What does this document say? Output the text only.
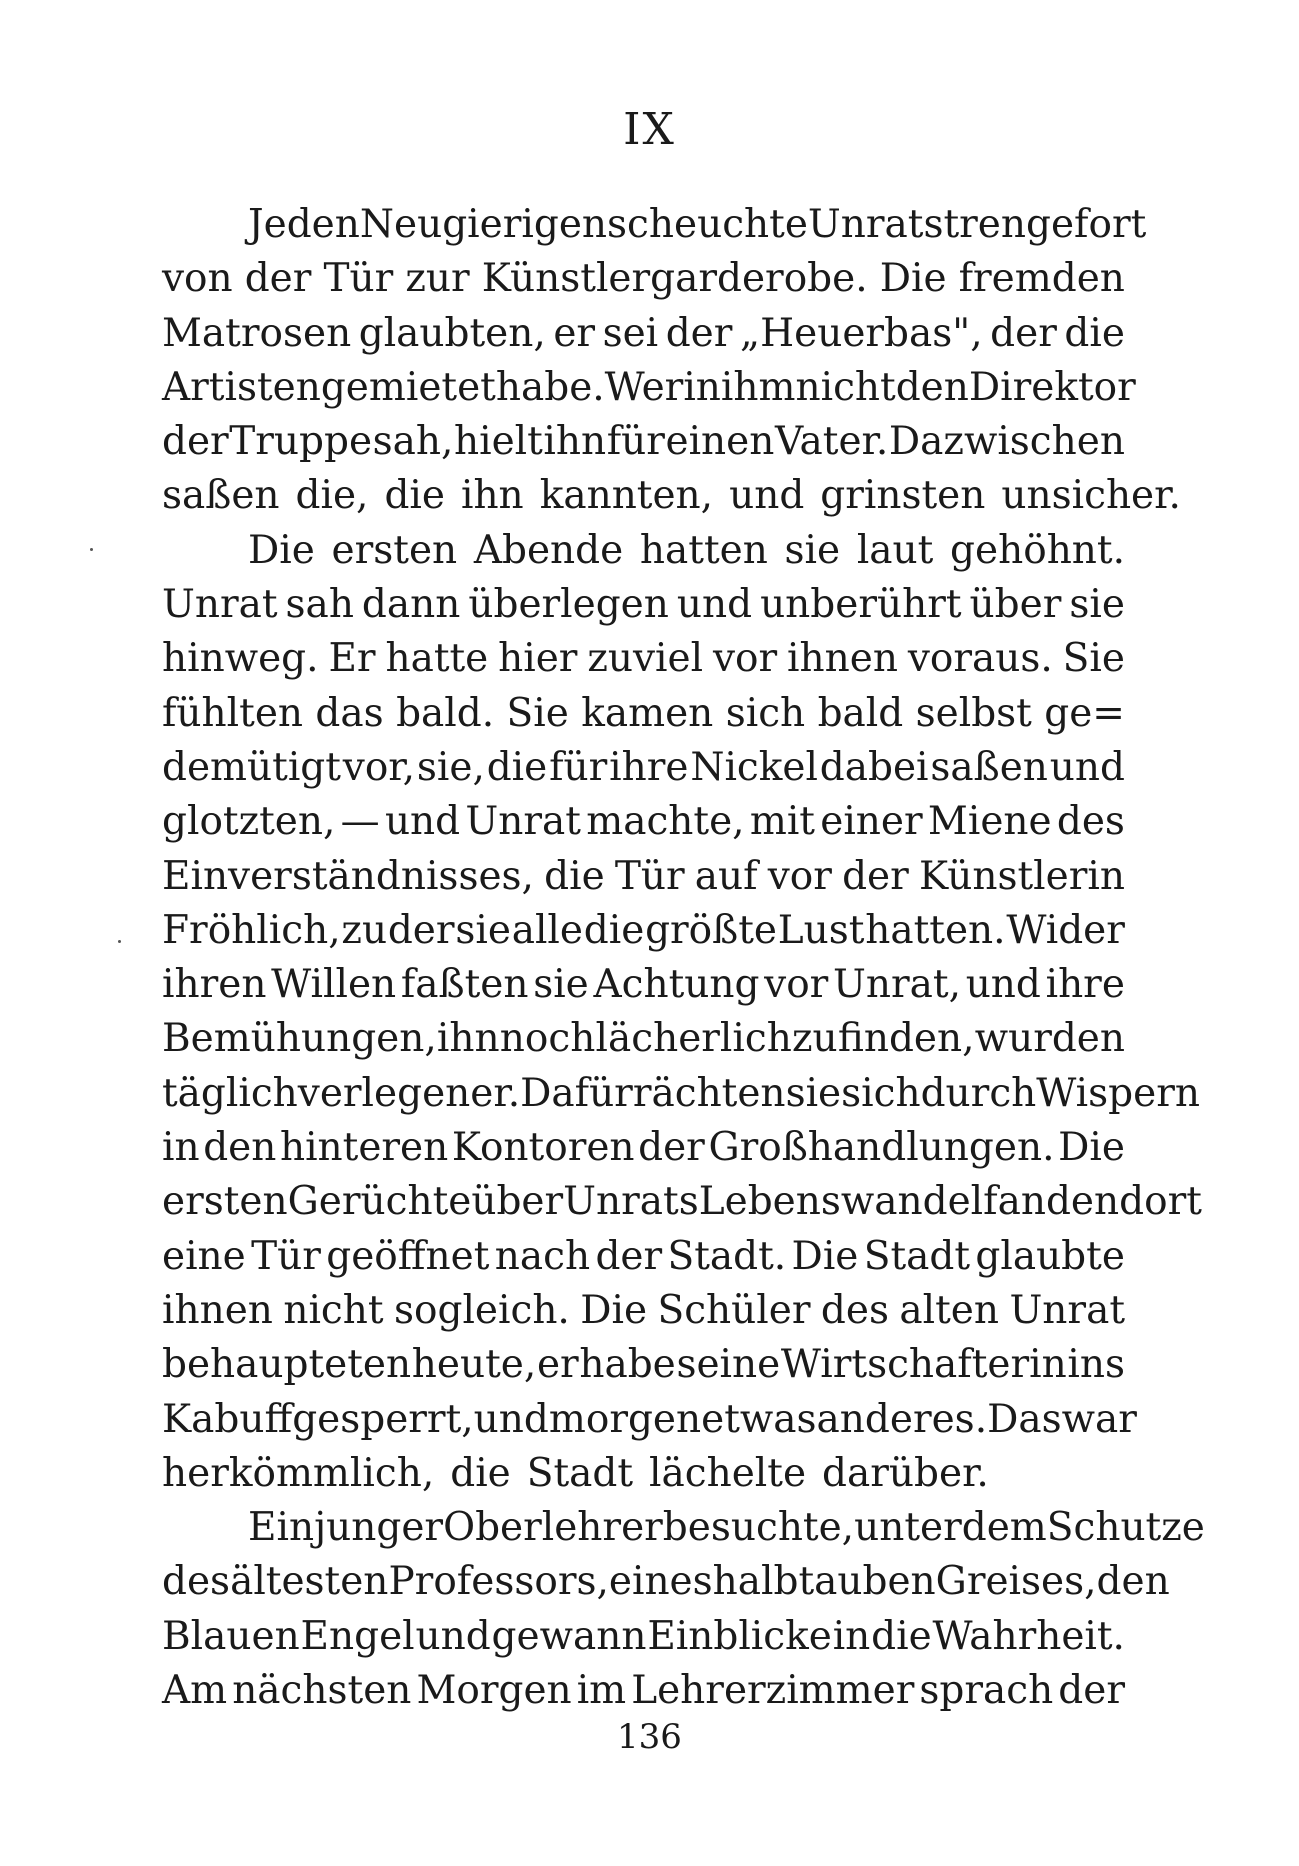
IX
Jeden Neugierigen scheuchte Unrat strenge fort
von der Tür zur Künstlergarderobe. Die fremden
Matrosen glaubten, er sei der „Heuerbas", der die
Artisten gemietet habe. Wer in ihm nicht den Direktor
der Truppe sah, hielt ihn für einen Vater. Dazwischen
saßen die, die ihn kannten, und grinsten unsicher.
Die ersten Abende hatten sie laut gehöhnt.
Unrat sah dann überlegen und unberührt über sie
hinweg. Er hatte hier zuviel vor ihnen voraus. Sie
fühlten das bald. Sie kamen sich bald selbst ge=
demütigt vor, sie, die für ihre Nickel dabei saßen und
glotzten, — und Unrat machte, mit einer Miene des
Einverständnisses, die Tür auf vor der Künstlerin
Fröhlich, zu der sie alle die größte Lust hatten. Wider
ihren Willen faßten sie Achtung vor Unrat, und ihre
Bemühungen, ihn noch lächerlich zu finden, wurden
täglich verlegener. Dafür rächten sie sich durch Wispern
in den hinteren Kontoren der Großhandlungen. Die
ersten Gerüchte über Unrats Lebenswandel fanden dort
eine Tür geöffnet nach der Stadt. Die Stadt glaubte
ihnen nicht sogleich. Die Schüler des alten Unrat
behaupteten heute, er habe seine Wirtschafterin ins
Kabuff gesperrt, und morgen etwas anderes. Das war
herkömmlich, die Stadt lächelte darüber.
Ein junger Oberlehrer besuchte, unter dem Schutze
des ältesten Professors, eines halbtauben Greises, den
Blauen Engel und gewann Einblicke in die Wahrheit.
Am nächsten Morgen im Lehrerzimmer sprach der
136
